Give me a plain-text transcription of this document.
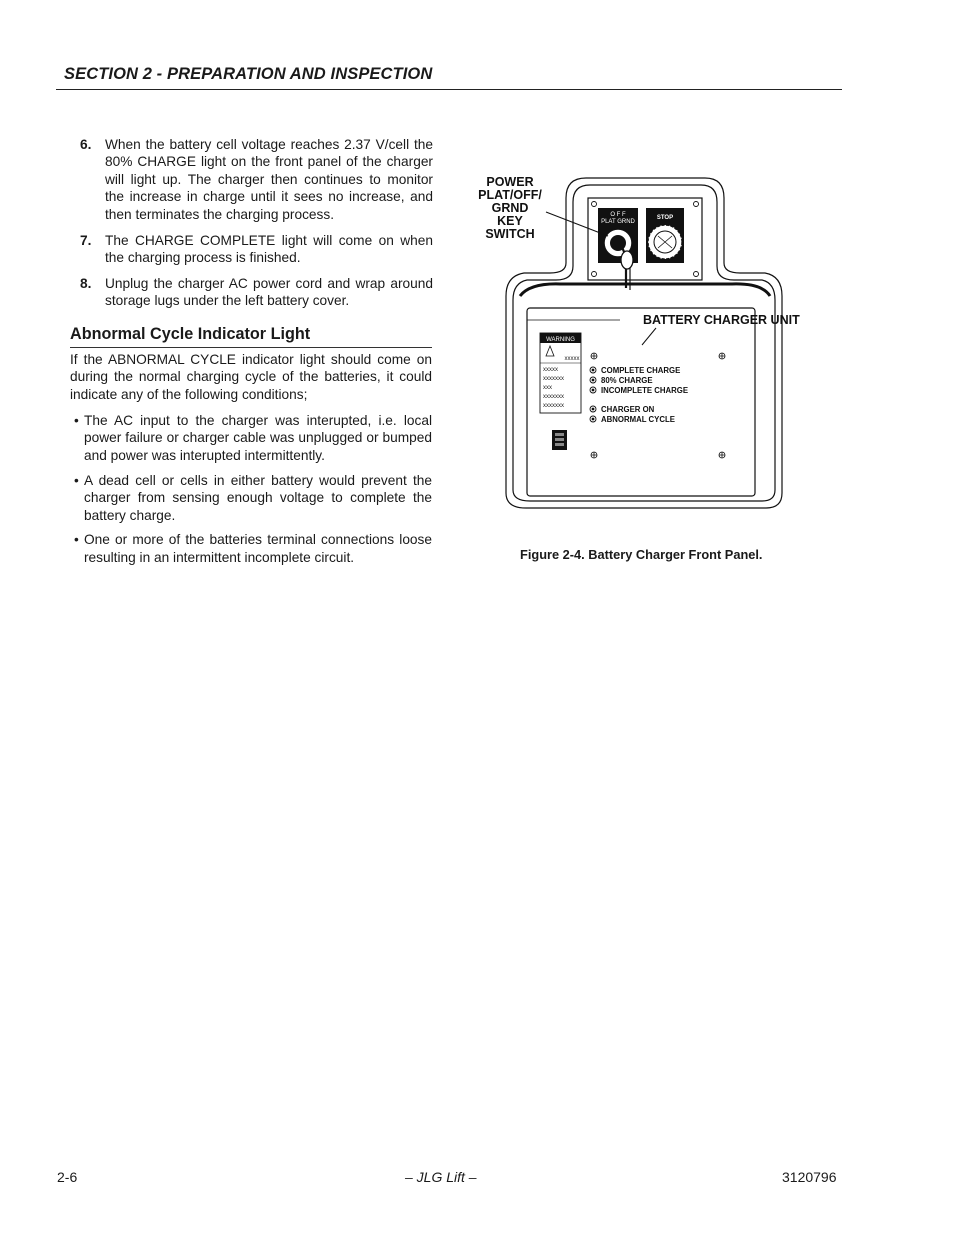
SECTION 2 - PREPARATION AND INSPECTION
6. When the battery cell voltage reaches 2.37 V/cell the 80% CHARGE light on the front panel of the charger will light up. The charger then continues to monitor the increase in charge until it sees no increase, and then terminates the charging process.
7. The CHARGE COMPLETE light will come on when the charging process is finished.
8. Unplug the charger AC power cord and wrap around storage lugs under the left battery cover.
Abnormal Cycle Indicator Light
If the ABNORMAL CYCLE indicator light should come on during the normal charging cycle of the batteries, it could indicate any of the following conditions;
• The AC input to the charger was interupted, i.e. local power failure or charger cable was unplugged or bumped and power was interupted intermittently.
• A dead cell or cells in either battery would prevent the charger from sensing enough voltage to complete the battery charge.
• One or more of the batteries terminal connections loose resulting in an intermittent incomplete circuit.
O F F
PLAT GRND
STOP
POWER
PLAT/OFF/
GRND
KEY
SWITCH
WARNING
xxxxx
xxxxx
xxxxxxx
xxx
xxxxxxx
xxxxxxx
COMPLETE CHARGE
80% CHARGE
INCOMPLETE CHARGE
CHARGER ON
ABNORMAL CYCLE
BATTERY CHARGER UNIT
Figure 2-4. Battery Charger Front Panel.
2-6	– JLG Lift –	3120796
